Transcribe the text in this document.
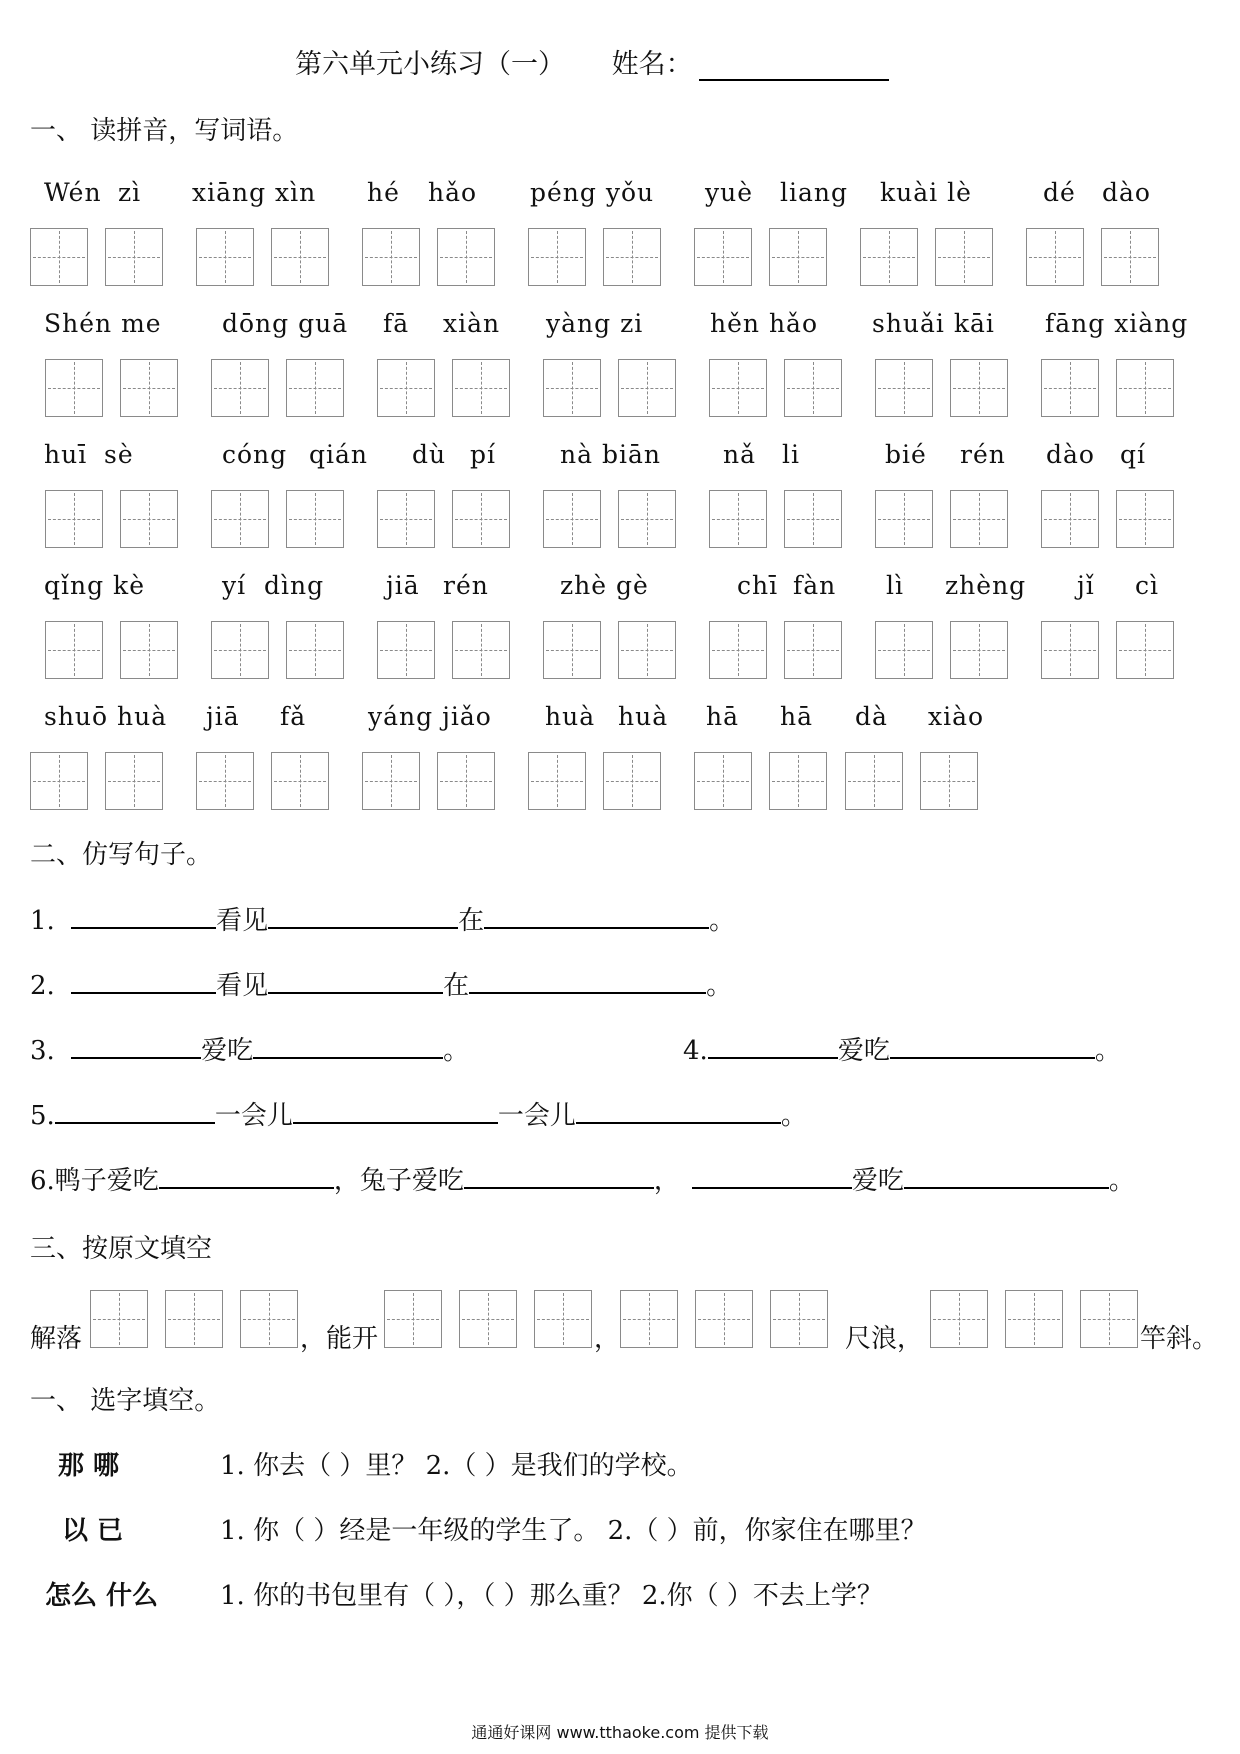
第六单元小练习（一） 姓名：
一、 读拼音，写词语。
Wén zì xiāng xìn hé hǎo péng yǒu yuè liang kuài lè	dé dào
Shén me dōng guā fā xiàn yàng zi	hěn hǎo shuǎi kāi fāng xiàng
huī sè	cóng qián dù pí	nà biān nǎ li	bié rén dào qí
qǐng kè	yí dìng jiā rén	zhè gè	chī fàn lì zhèng jǐ cì
shuō huà jiā fǎ yáng jiǎo huà huà hā hā dà xiào
二、仿写句子。
1.	看见	在	。
2.	看见	在	。
3.	爱吃	。	4.	爱吃	。
5.	一会儿	一会儿	。
6.鸭子爱吃	，兔子爱吃	，	爱吃	。
三、按原文填空
解落	，能开	，	尺浪，	竿斜。
一、 选字填空。
那 哪	1. 你去（ ）里？ 2.（ ）是我们的学校。
以 已	1. 你（ ）经是一年级的学生了。 2.（ ）前，你家住在哪里？
怎么 什么 1. 你的书包里有（ ），（ ）那么重？ 2.你（ ）不去上学？
通通好课网 www.tthaoke.com 提供下载
